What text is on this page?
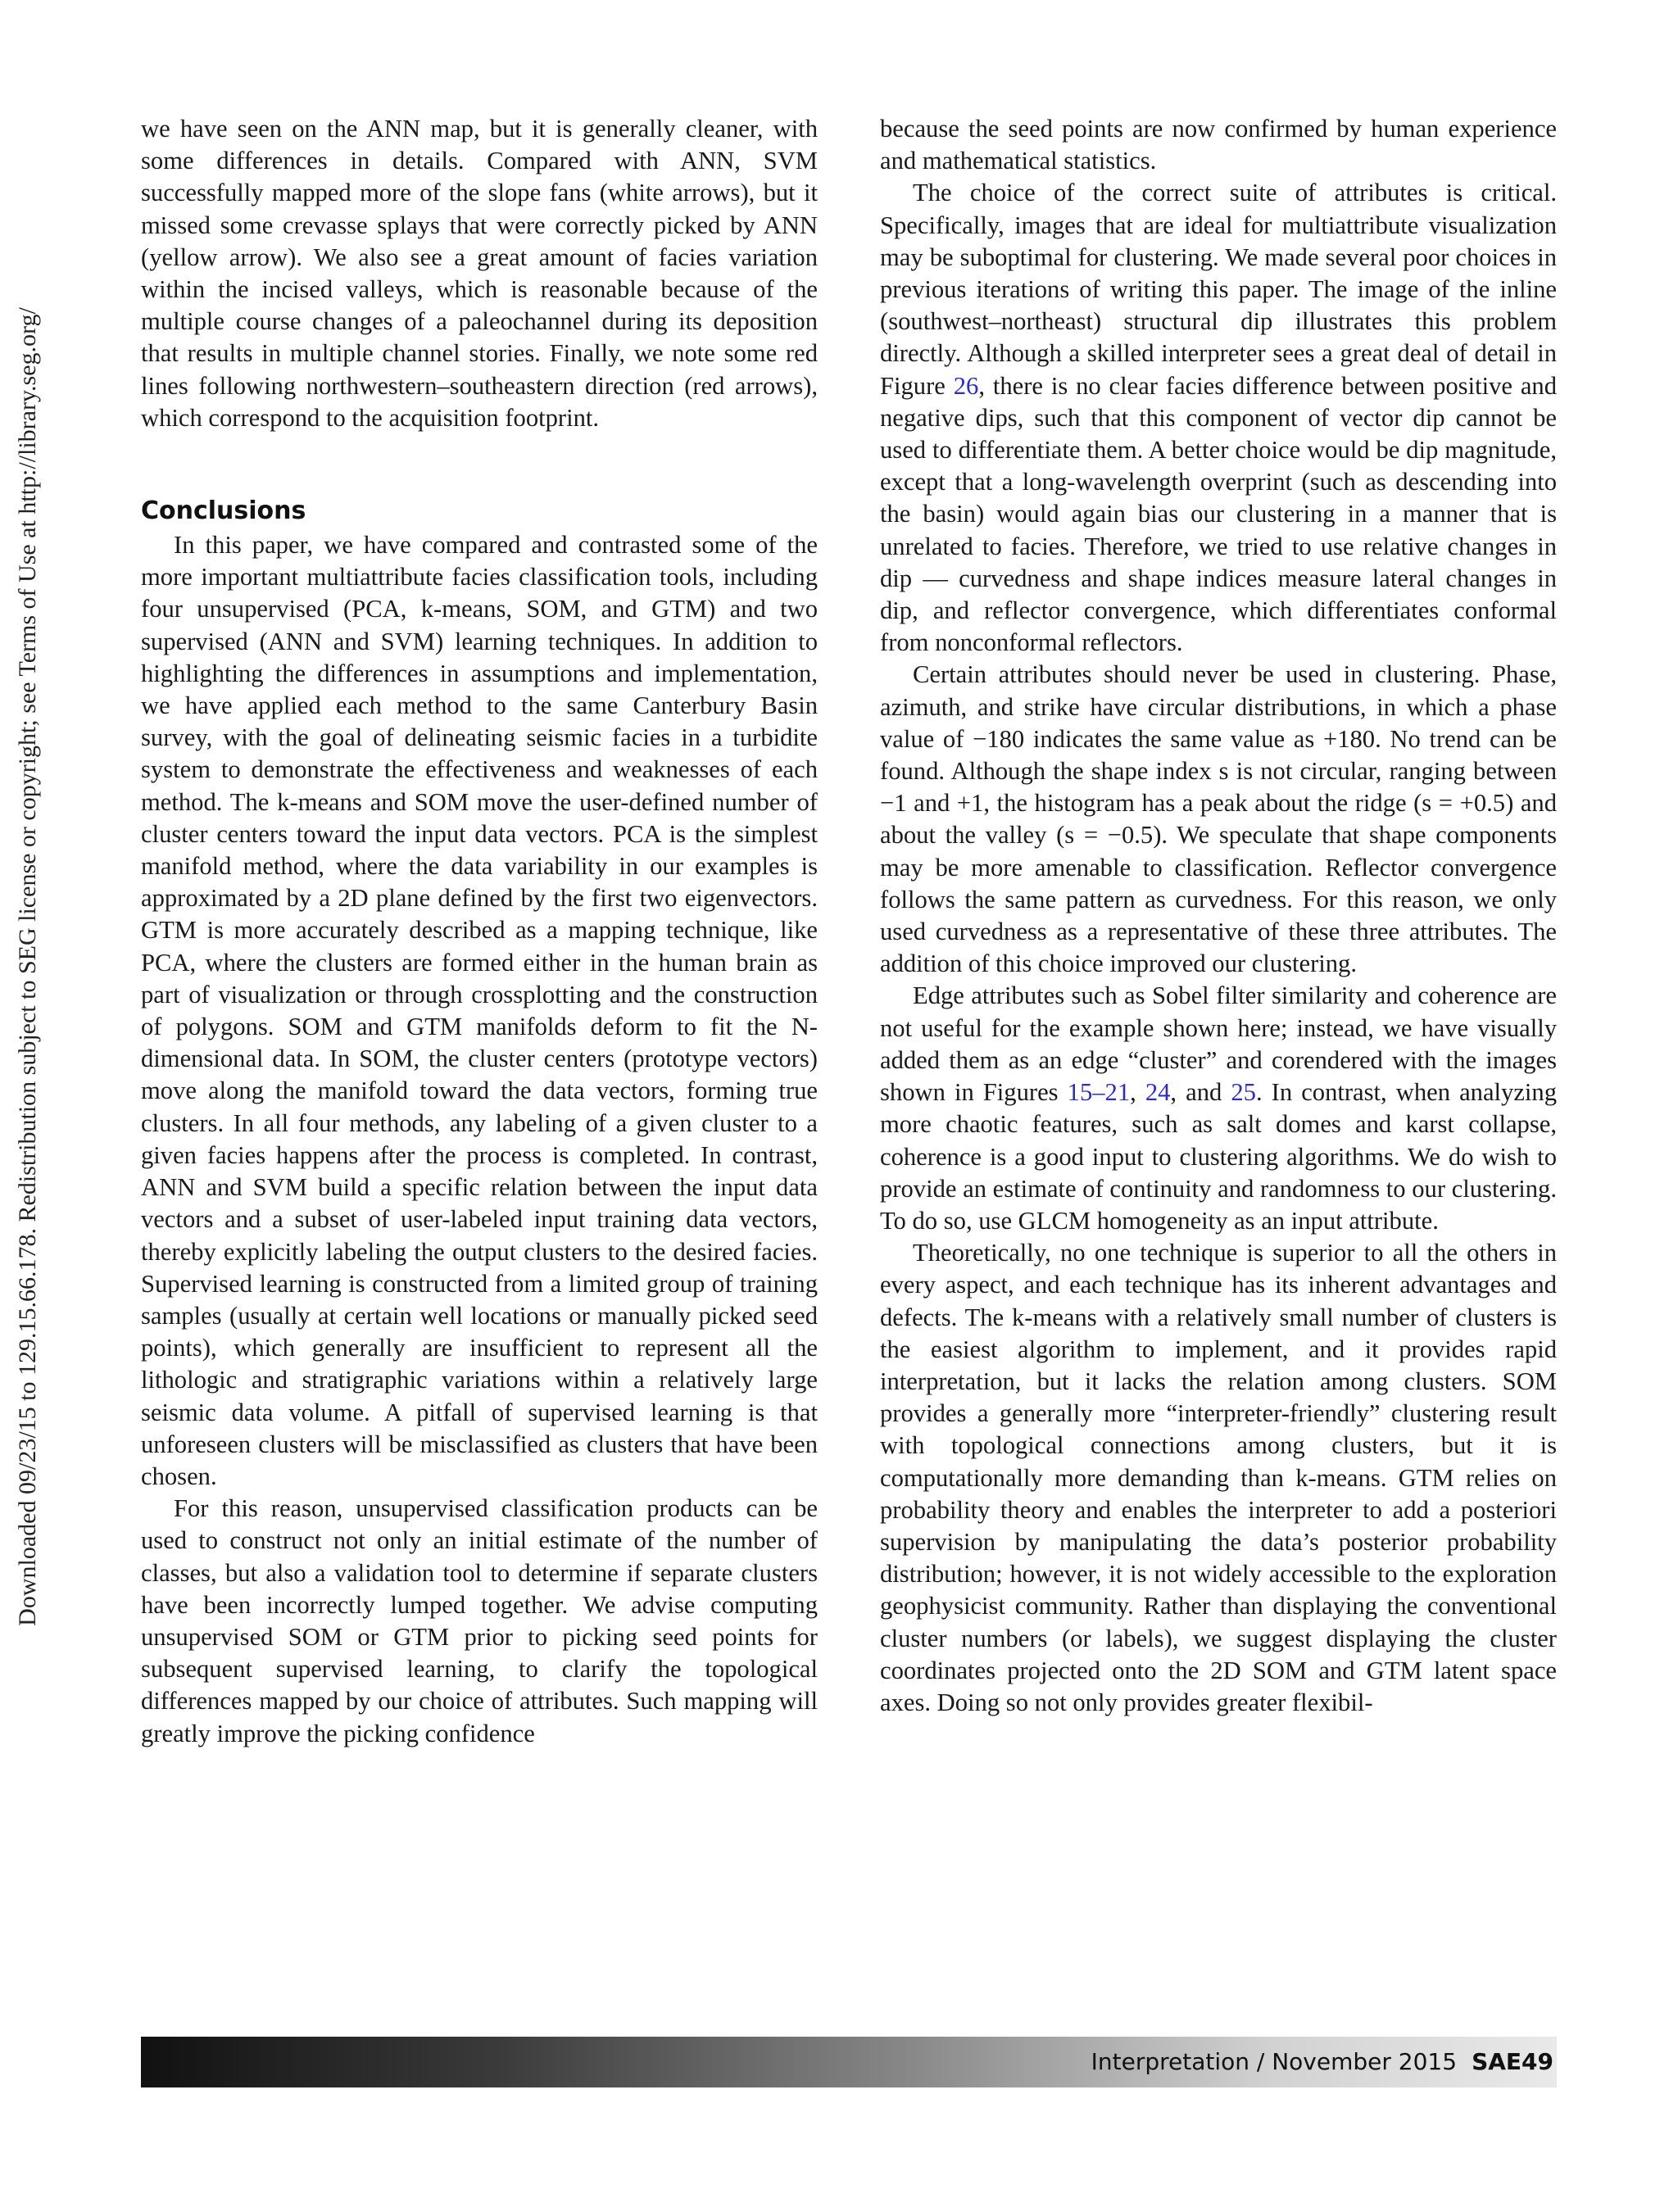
Downloaded 09/23/15 to 129.15.66.178. Redistribution subject to SEG license or copyright; see Terms of Use at http://library.seg.org/

we have seen on the ANN map, but it is generally cleaner, with some differences in details. Compared with ANN, SVM successfully mapped more of the slope fans (white arrows), but it missed some crevasse splays that were correctly picked by ANN (yellow arrow). We also see a great amount of facies variation within the incised valleys, which is reasonable because of the multiple course changes of a paleochannel during its deposition that results in multiple channel stories. Finally, we note some red lines following northwestern–southeastern direction (red arrows), which correspond to the acquisition footprint.

Conclusions

In this paper, we have compared and contrasted some of the more important multiattribute facies classification tools, including four unsupervised (PCA, k-means, SOM, and GTM) and two supervised (ANN and SVM) learning techniques. In addition to highlighting the differences in assumptions and implementation, we have applied each method to the same Canterbury Basin survey, with the goal of delineating seismic facies in a turbidite system to demonstrate the effectiveness and weaknesses of each method. The k-means and SOM move the user-defined number of cluster centers toward the input data vectors. PCA is the simplest manifold method, where the data variability in our examples is approximated by a 2D plane defined by the first two eigenvectors. GTM is more accurately described as a mapping technique, like PCA, where the clusters are formed either in the human brain as part of visualization or through crossplotting and the construction of polygons. SOM and GTM manifolds deform to fit the N-dimensional data. In SOM, the cluster centers (prototype vectors) move along the manifold toward the data vectors, forming true clusters. In all four methods, any labeling of a given cluster to a given facies happens after the process is completed. In contrast, ANN and SVM build a specific relation between the input data vectors and a subset of user-labeled input training data vectors, thereby explicitly labeling the output clusters to the desired facies. Supervised learning is constructed from a limited group of training samples (usually at certain well locations or manually picked seed points), which generally are insufficient to represent all the lithologic and stratigraphic variations within a relatively large seismic data volume. A pitfall of supervised learning is that unforeseen clusters will be misclassified as clusters that have been chosen.

For this reason, unsupervised classification products can be used to construct not only an initial estimate of the number of classes, but also a validation tool to determine if separate clusters have been incorrectly lumped together. We advise computing unsupervised SOM or GTM prior to picking seed points for subsequent supervised learning, to clarify the topological differences mapped by our choice of attributes. Such mapping will greatly improve the picking confidence

because the seed points are now confirmed by human experience and mathematical statistics.

The choice of the correct suite of attributes is critical. Specifically, images that are ideal for multiattribute visualization may be suboptimal for clustering. We made several poor choices in previous iterations of writing this paper. The image of the inline (southwest–northeast) structural dip illustrates this problem directly. Although a skilled interpreter sees a great deal of detail in Figure 26, there is no clear facies difference between positive and negative dips, such that this component of vector dip cannot be used to differentiate them. A better choice would be dip magnitude, except that a long-wavelength overprint (such as descending into the basin) would again bias our clustering in a manner that is unrelated to facies. Therefore, we tried to use relative changes in dip — curvedness and shape indices measure lateral changes in dip, and reflector convergence, which differentiates conformal from nonconformal reflectors.

Certain attributes should never be used in clustering. Phase, azimuth, and strike have circular distributions, in which a phase value of −180 indicates the same value as +180. No trend can be found. Although the shape index s is not circular, ranging between −1 and +1, the histogram has a peak about the ridge (s = +0.5) and about the valley (s = −0.5). We speculate that shape components may be more amenable to classification. Reflector convergence follows the same pattern as curvedness. For this reason, we only used curvedness as a representative of these three attributes. The addition of this choice improved our clustering.

Edge attributes such as Sobel filter similarity and coherence are not useful for the example shown here; instead, we have visually added them as an edge “cluster” and corendered with the images shown in Figures 15–21, 24, and 25. In contrast, when analyzing more chaotic features, such as salt domes and karst collapse, coherence is a good input to clustering algorithms. We do wish to provide an estimate of continuity and randomness to our clustering. To do so, use GLCM homogeneity as an input attribute.

Theoretically, no one technique is superior to all the others in every aspect, and each technique has its inherent advantages and defects. The k-means with a relatively small number of clusters is the easiest algorithm to implement, and it provides rapid interpretation, but it lacks the relation among clusters. SOM provides a generally more “interpreter-friendly” clustering result with topological connections among clusters, but it is computationally more demanding than k-means. GTM relies on probability theory and enables the interpreter to add a posteriori supervision by manipulating the data’s posterior probability distribution; however, it is not widely accessible to the exploration geophysicist community. Rather than displaying the conventional cluster numbers (or labels), we suggest displaying the cluster coordinates projected onto the 2D SOM and GTM latent space axes. Doing so not only provides greater flexibil-

Interpretation / November 2015 SAE49
